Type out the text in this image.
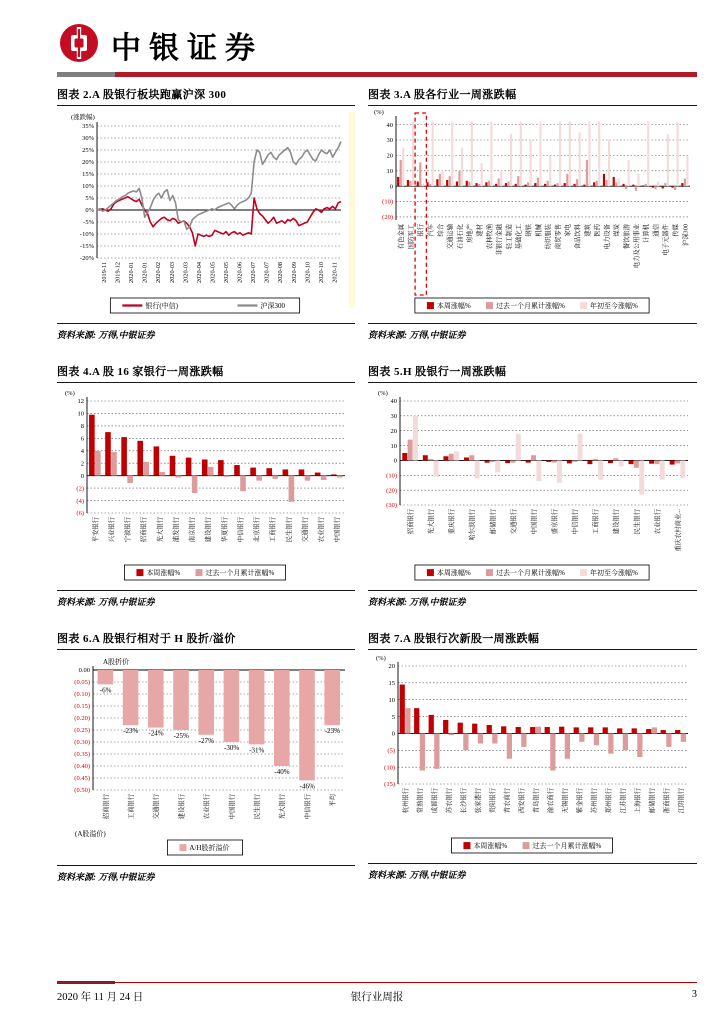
中银证券
图表 2.A 股银行板块跑赢沪深 300
35%
30%
25%
20%
15%
10%
5%
0%
-5%
-10%
-15%
-20%
(涨跌幅)
2019-11 2019-12 2020-01 2020-01 2020-02 2020-03 2020-03 2020-04 2020-05 2020-05 2020-06 2020-07 2020-07 2020-08 2020-09 2020-10 2020-10 2020-11
银行(中信)	沪深300
资料来源: 万得,中银证券
图表 3.A 股各行业一周涨跌幅
40
30
20
10
0
(10)
(20)
(%)
有色金属 国防军工 银行 汽车 综合 交通运输 石油石化 房地产 建材 农林牧渔 非银行金融 轻工制造 基础化工 钢铁 机械 纺织服装 商贸零售 家电 食品饮料 建筑 医药 电力设备 煤炭 餐饮旅游 电力及公用事业 计算机 通信 电子元器件 传媒 沪深300
本周涨幅%	过去一个月累计涨幅%	年初至今涨幅%
资料来源: 万得,中银证券
图表 4.A 股 16 家银行一周涨跌幅
12
10
8
6
4
2
0
(2)
(4)
(6)
(%)
平安银行	兴业银行	宁波银行	招商银行	光大银行	浦发银行	南京银行	建设银行	华夏银行	中信银行	北京银行	工商银行	民生银行	交通银行	农业银行	中国银行
本周涨幅%	过去一个月累计涨幅%
资料来源: 万得,中银证券
图表 5.H 股银行一周涨跌幅
40
30
20
10
0
(10)
(20)
(30)
(%)
招商银行	光大银行	重庆银行	哈尔滨银行	邮储银行	交通银行	中国银行	盛京银行	中信银行	工商银行	建设银行	民生银行	农业银行	重庆农村商业...
本周涨幅%	过去一个月累计涨幅%	年初至今涨幅%
资料来源: 万得,中银证券
图表 6.A 股银行相对于 H 股折/溢价
0.00
(0.05)
(0.10)
(0.15)
(0.20)
(0.25)
(0.30)
(0.35)
(0.40)
(0.45)
(0.50)
A股折价
招商银行	工商银行	交通银行	建设银行	农业银行	中国银行	民生银行	光大银行	中信银行	平均
-6%
-23% -24% -25%
-27%
-30% -31%
-40%
-46%
-23%
(A股溢价)
A/H股折溢价
资料来源: 万得,中银证券
图表 7.A 股银行次新股一周涨跌幅
20
15
10
5
0
(5)
(10)
(15)
(%)
杭州银行	常熟银行	成都银行	苏农银行	长沙银行	张家港行	贵阳银行	青农商行	西安银行	青岛银行	渝农商行	无锡银行	紫金银行	苏州银行	郑州银行	江苏银行	上海银行	邮储银行	浙商银行	江阴银行
本周涨幅%	过去一个月累计涨幅%
资料来源: 万得,中银证券
2020 年 11 月 24 日	银行业周报	3
